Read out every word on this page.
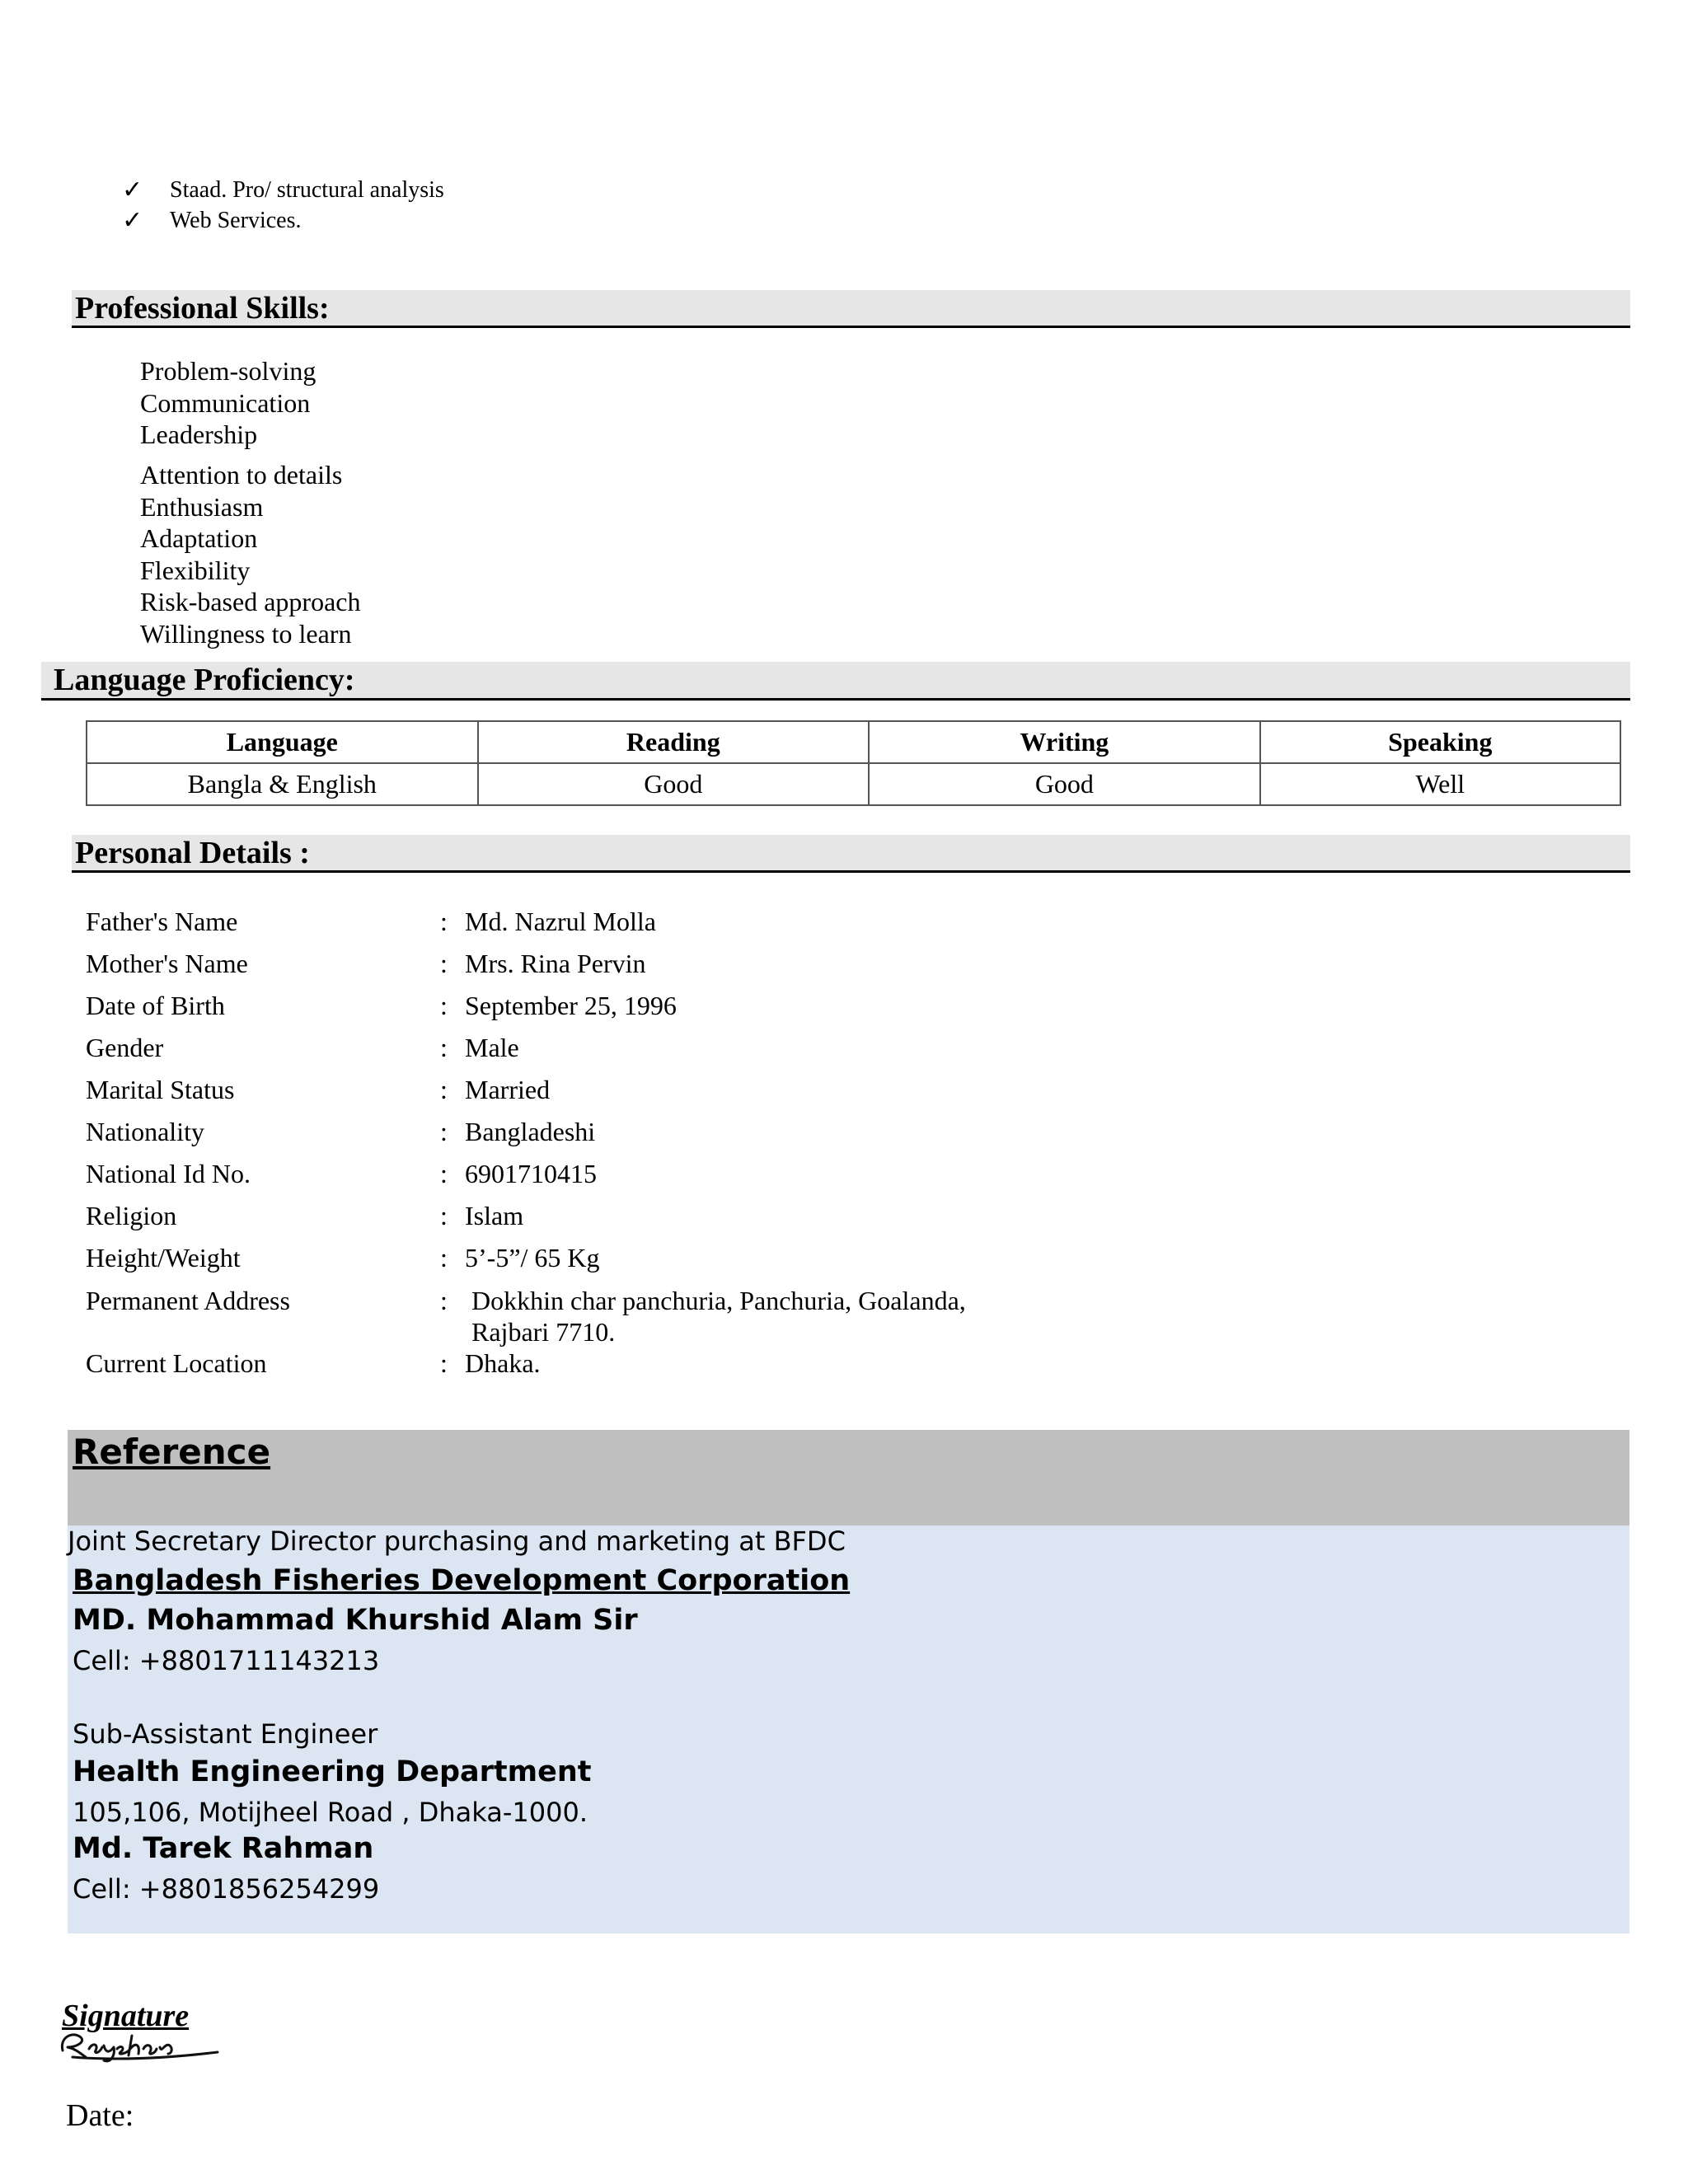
✓	Staad. Pro/ structural analysis
✓	Web Services.
Professional Skills:
Problem-solving
Communication
Leadership
Attention to details
Enthusiasm
Adaptation
Flexibility
Risk-based approach
Willingness to learn
Language Proficiency:
Language	Reading	Writing	Speaking
Bangla & English	Good	Good	Well
Personal Details :
Father's Name	: Md. Nazrul Molla
Mother's Name	: Mrs. Rina Pervin
Date of Birth	: September 25, 1996
Gender	: Male
Marital Status	: Married
Nationality	: Bangladeshi
National Id No.	: 6901710415
Religion	: Islam
Height/Weight	: 5’-5”/ 65 Kg
Permanent Address	: Dokkhin char panchuria, Panchuria, Goalanda,
Rajbari 7710.
Current Location	: Dhaka.
Reference
Joint Secretary Director purchasing and marketing at BFDC
Bangladesh Fisheries Development Corporation
MD. Mohammad Khurshid Alam Sir
Cell: +8801711143213
Sub-Assistant Engineer
Health Engineering Department
105,106, Motijheel Road , Dhaka-1000.
Md. Tarek Rahman
Cell: +8801856254299
Signature
Date:
